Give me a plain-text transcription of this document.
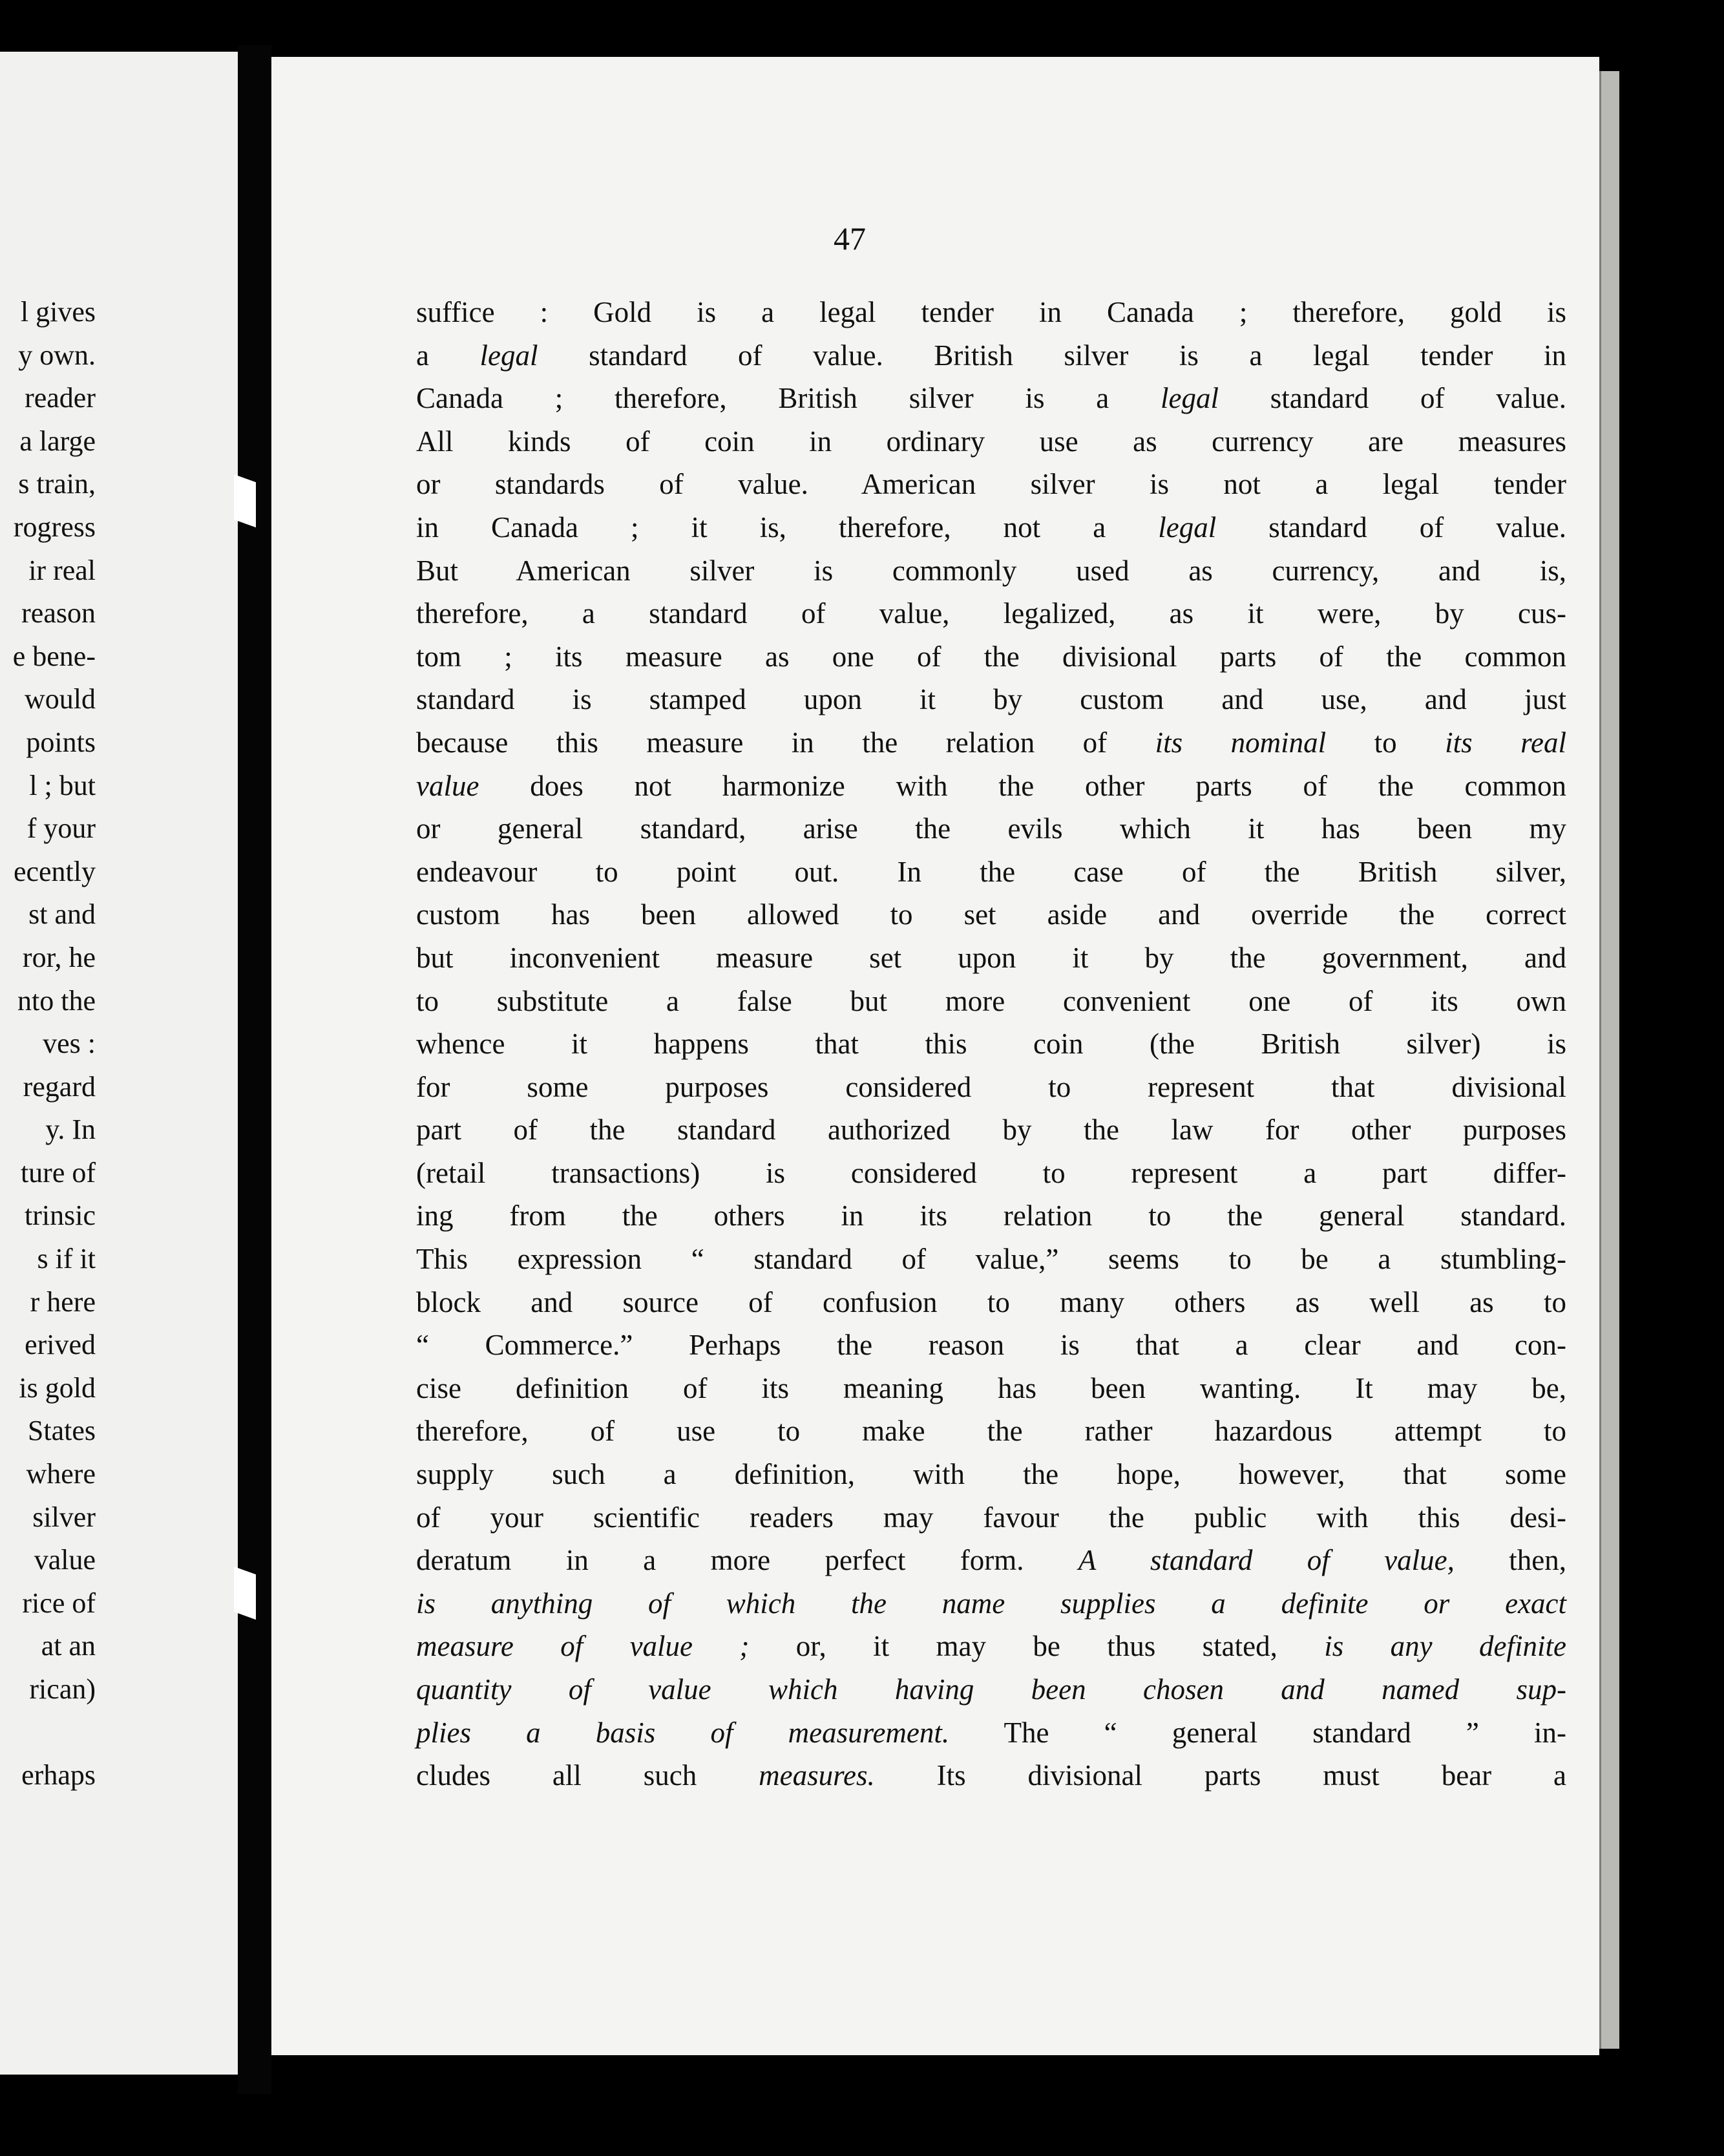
l gives
y own.
reader
a large
s train,
rogress
ir real
reason
e bene-
would
points
l ; but
f your
ecently
st and
ror, he
nto the
ves :
regard
y. In
ture of
trinsic
s if it
r here
erived
is gold
States
where
silver
value
rice of
at an
rican)

erhaps
47
suffice : Gold is a legal tender in Canada ; therefore, gold is
a legal standard of value. British silver is a legal tender in
Canada ; therefore, British silver is a legal standard of value.
All kinds of coin in ordinary use as currency are measures
or standards of value. American silver is not a legal tender
in Canada ; it is, therefore, not a legal standard of value.
But American silver is commonly used as currency, and is,
therefore, a standard of value, legalized, as it were, by cus-
tom ; its measure as one of the divisional parts of the common
standard is stamped upon it by custom and use, and just
because this measure in the relation of its nominal to its real
value does not harmonize with the other parts of the common
or general standard, arise the evils which it has been my
endeavour to point out. In the case of the British silver,
custom has been allowed to set aside and override the correct
but inconvenient measure set upon it by the government, and
to substitute a false but more convenient one of its own
whence it happens that this coin (the British silver) is
for some purposes considered to represent that divisional
part of the standard authorized by the law for other purposes
(retail transactions) is considered to represent a part differ-
ing from the others in its relation to the general standard.
This expression “ standard of value,” seems to be a stumbling-
block and source of confusion to many others as well as to
“ Commerce.” Perhaps the reason is that a clear and con-
cise definition of its meaning has been wanting. It may be,
therefore, of use to make the rather hazardous attempt to
supply such a definition, with the hope, however, that some
of your scientific readers may favour the public with this desi-
deratum in a more perfect form. A standard of value, then,
is anything of which the name supplies a definite or exact
measure of value ; or, it may be thus stated, is any definite
quantity of value which having been chosen and named sup-
plies a basis of measurement. The “ general standard ” in-
cludes all such measures. Its divisional parts must bear a
